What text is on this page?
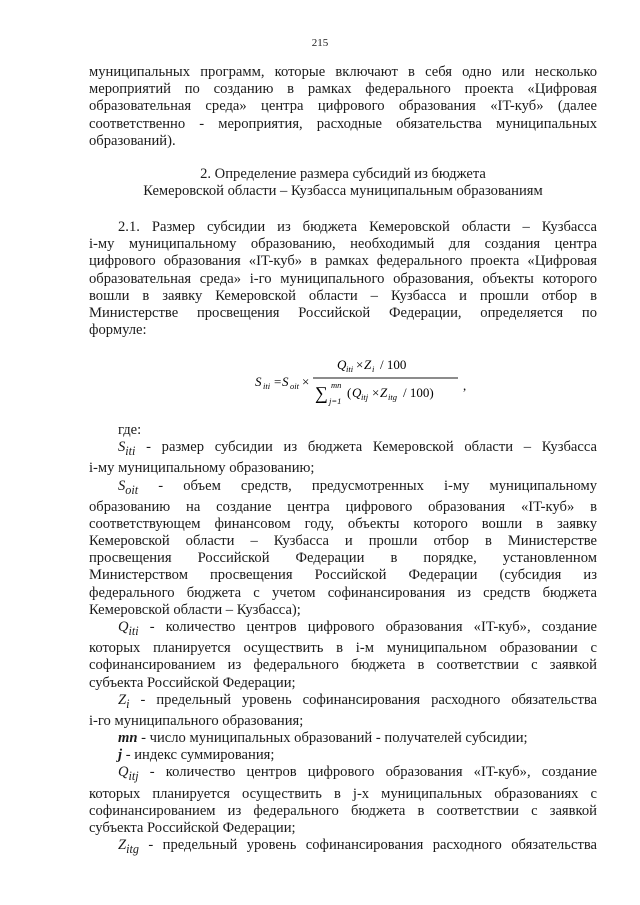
215
муниципальных программ, которые включают в себя одно или несколько
мероприятий по созданию в рамках федерального проекта «Цифровая
образовательная среда» центра цифрового образования «IT-куб» (далее
соответственно - мероприятия, расходные обязательства муниципальных
образований).
2. Определение размера субсидий из бюджета
Кемеровской области – Кузбасса муниципальным образованиям
2.1. Размер субсидии из бюджета Кемеровской области – Кузбасса
i-му муниципальному образованию, необходимый для создания центра
цифрового образования «IT-куб» в рамках федерального проекта «Цифровая
образовательная среда» i-го муниципального образования, объекты которого
вошли в заявку Кемеровской области – Кузбасса и прошли отбор в
Министерстве просвещения Российской Федерации, определяется по
формуле:
S iti = S oit ×
Q iti × Z i / 100
∑ mn
j=1
( Q itj × Z itg / 100) ,
где:
$S_{iti}$ - размер субсидии из бюджета Кемеровской области – Кузбасса
i-му муниципальному образованию;
$S_{oit}$ - объем средств, предусмотренных i-му муниципальному
образованию на создание центра цифрового образования «IT-куб» в
соответствующем финансовом году, объекты которого вошли в заявку
Кемеровской области – Кузбасса и прошли отбор в Министерстве
просвещения Российской Федерации в порядке, установленном
Министерством просвещения Российской Федерации (субсидия из
федерального бюджета с учетом софинансирования из средств бюджета
Кемеровской области – Кузбасса);
$Q_{iti}$ - количество центров цифрового образования «IT-куб», создание
которых планируется осуществить в i-м муниципальном образовании с
софинансированием из федерального бюджета в соответствии с заявкой
субъекта Российской Федерации;
$Z_i$ - предельный уровень софинансирования расходного обязательства
i-го муниципального образования;
mn - число муниципальных образований - получателей субсидии;
j - индекс суммирования;
$Q_{itj}$ - количество центров цифрового образования «IT-куб», создание
которых планируется осуществить в j-х муниципальных образованиях с
софинансированием из федерального бюджета в соответствии с заявкой
субъекта Российской Федерации;
$Z_{itg}$ - предельный уровень софинансирования расходного обязательства
